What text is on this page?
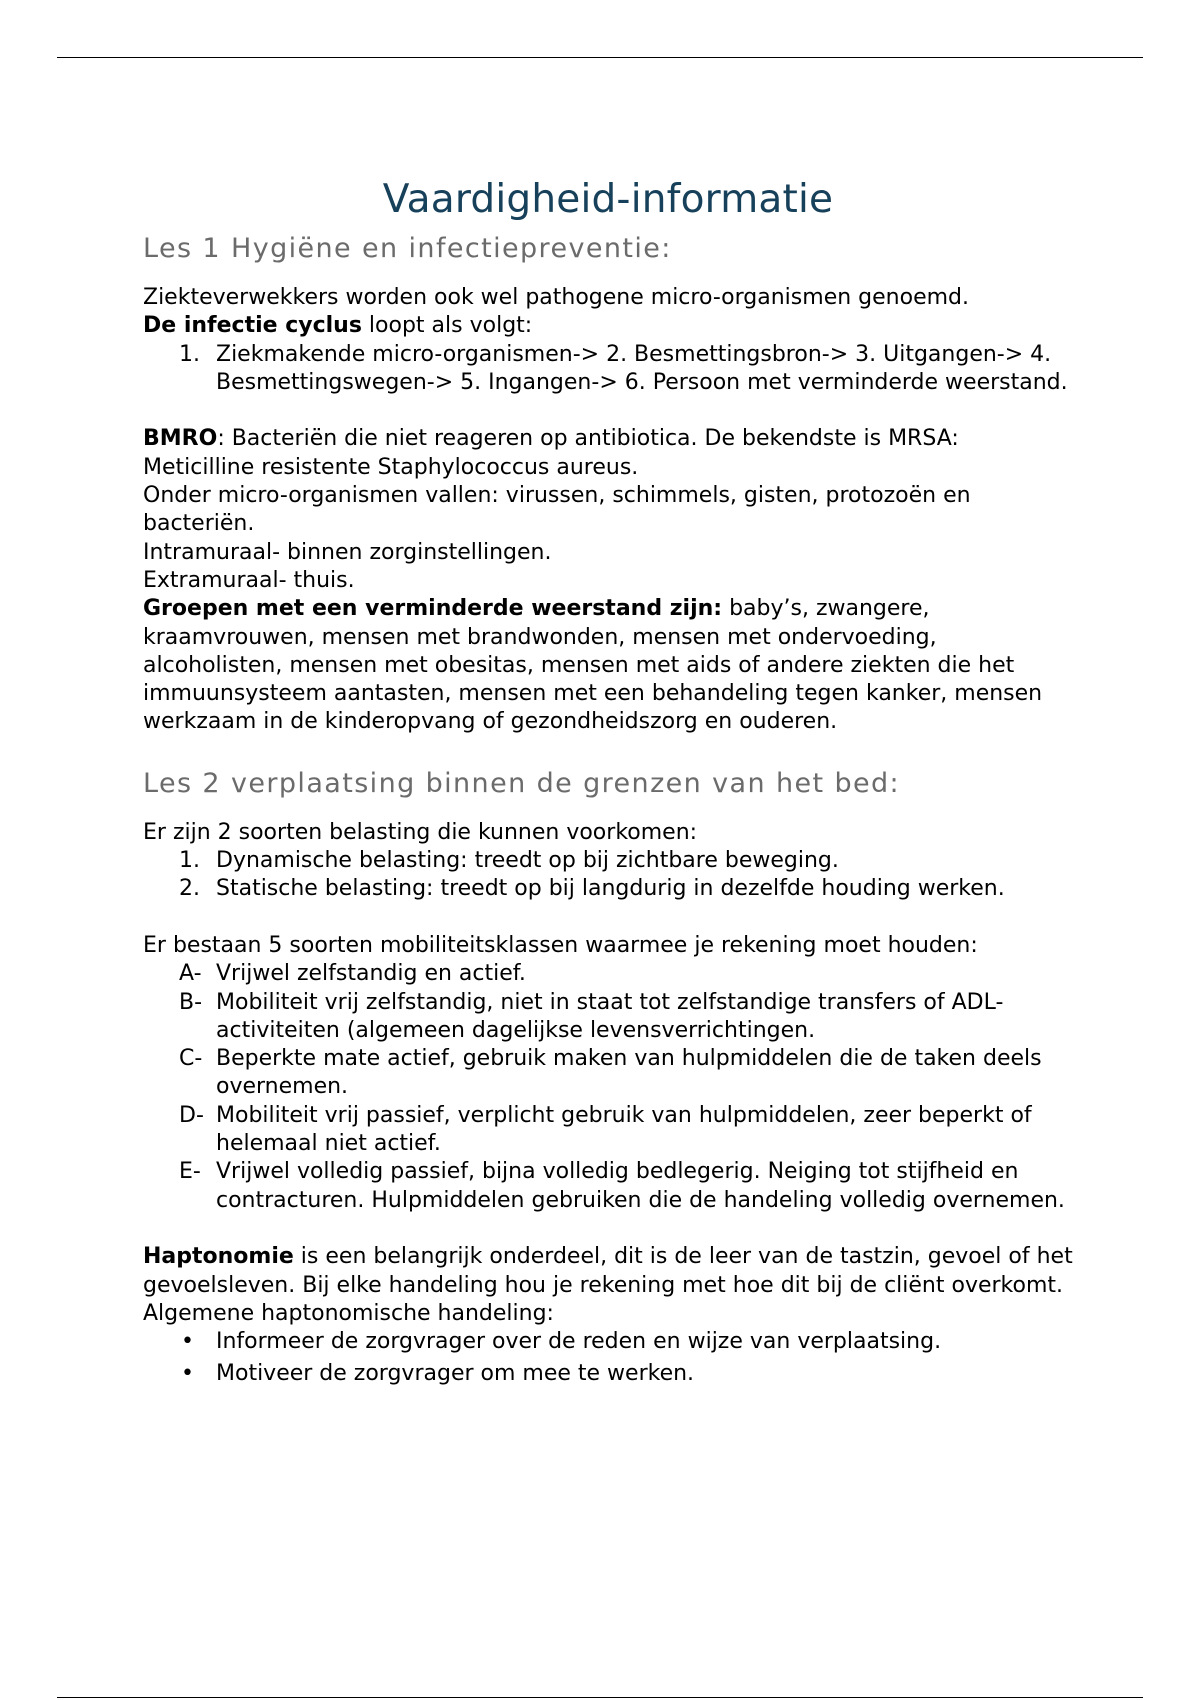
Vaardigheid-informatie
Les 1 Hygiëne en infectiepreventie:

Ziekteverwekkers worden ook wel pathogene micro-organismen genoemd.

De infectie cyclus loopt als volgt:

1. Ziekmakende micro-organismen-> 2. Besmettingsbron-> 3. Uitgangen-> 4. Besmettingswegen-> 5. Ingangen-> 6. Persoon met verminderde weerstand.

BMRO: Bacteriën die niet reageren op antibiotica. De bekendste is MRSA: Meticilline resistente Staphylococcus aureus.

Onder micro-organismen vallen: virussen, schimmels, gisten, protozoën en bacteriën.

Intramuraal- binnen zorginstellingen.

Extramuraal- thuis.

Groepen met een verminderde weerstand zijn: baby’s, zwangere, kraamvrouwen, mensen met brandwonden, mensen met ondervoeding, alcoholisten, mensen met obesitas, mensen met aids of andere ziekten die het immuunsysteem aantasten, mensen met een behandeling tegen kanker, mensen werkzaam in de kinderopvang of gezondheidszorg en ouderen.

Les 2 verplaatsing binnen de grenzen van het bed:

Er zijn 2 soorten belasting die kunnen voorkomen:

1. Dynamische belasting: treedt op bij zichtbare beweging.
2. Statische belasting: treedt op bij langdurig in dezelfde houding werken.

Er bestaan 5 soorten mobiliteitsklassen waarmee je rekening moet houden:

A- Vrijwel zelfstandig en actief.
B- Mobiliteit vrij zelfstandig, niet in staat tot zelfstandige transfers of ADL-activiteiten (algemeen dagelijkse levensverrichtingen.
C- Beperkte mate actief, gebruik maken van hulpmiddelen die de taken deels overnemen.
D- Mobiliteit vrij passief, verplicht gebruik van hulpmiddelen, zeer beperkt of helemaal niet actief.
E- Vrijwel volledig passief, bijna volledig bedlegerig. Neiging tot stijfheid en contracturen. Hulpmiddelen gebruiken die de handeling volledig overnemen.

Haptonomie is een belangrijk onderdeel, dit is de leer van de tastzin, gevoel of het gevoelsleven. Bij elke handeling hou je rekening met hoe dit bij de cliënt overkomt. Algemene haptonomische handeling:

• Informeer de zorgvrager over de reden en wijze van verplaatsing.
• Motiveer de zorgvrager om mee te werken.
